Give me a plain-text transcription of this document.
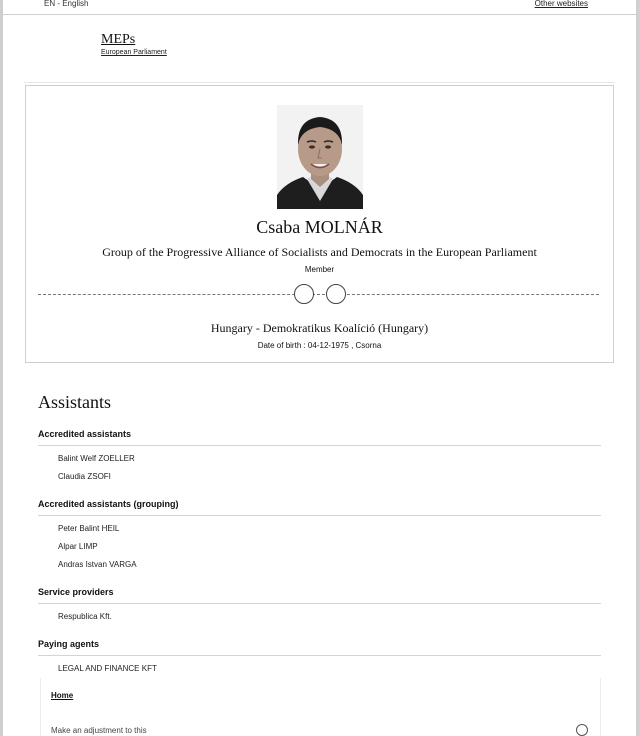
EN - English	Other websites
MEPs
European Parliament
Csaba MOLNÁR
Group of the Progressive Alliance of Socialists and Democrats in the European Parliament
Member
Hungary - Demokratikus Koalíció (Hungary)
Date of birth : 04-12-1975 , Csorna
Assistants
Accredited assistants
Balint Welf ZOELLER
Claudia ZSOFI
Accredited assistants (grouping)
Peter Balint HEIL
Alpar LIMP
Andras Istvan VARGA
Service providers
Respublica Kft.
Paying agents
LEGAL AND FINANCE KFT
Home
Make an adjustment to this
